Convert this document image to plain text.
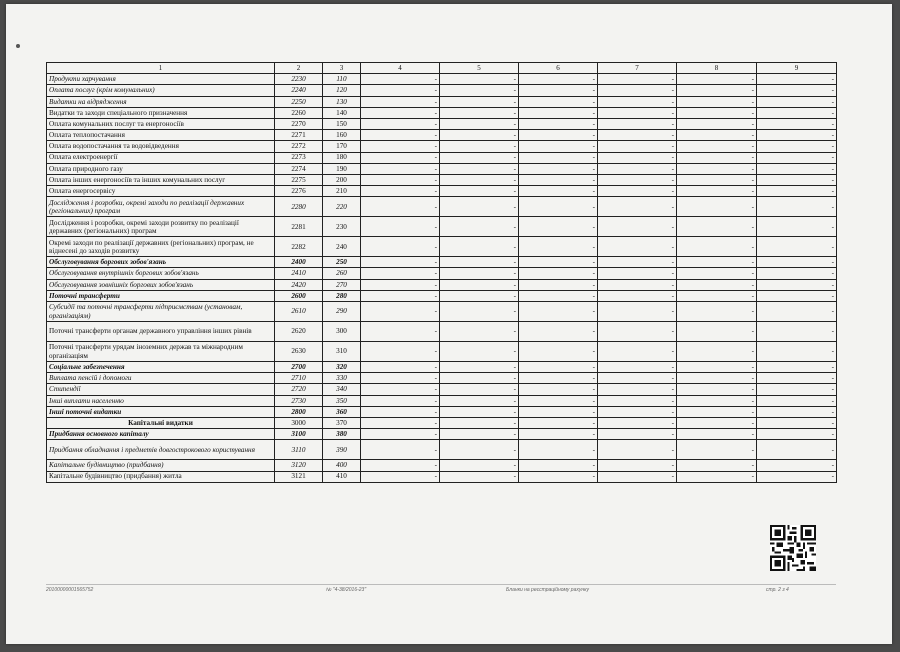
1	2	3	4	5	6	7	8	9
Продукти харчування	2230	110	-	-	-	-	-	-
Оплата послуг (крім комунальних)	2240	120	-	-	-	-	-	-
Видатки на відрядження	2250	130	-	-	-	-	-	-
Видатки та заходи спеціального призначення	2260	140	-	-	-	-	-	-
Оплата комунальних послуг та енергоносіїв	2270	150	-	-	-	-	-	-
Оплата теплопостачання	2271	160	-	-	-	-	-	-
Оплата водопостачання та водовідведення	2272	170	-	-	-	-	-	-
Оплата електроенергії	2273	180	-	-	-	-	-	-
Оплата природного газу	2274	190	-	-	-	-	-	-
Оплата інших енергоносіїв та інших комунальних послуг	2275	200	-	-	-	-	-	-
Оплата енергосервісу	2276	210	-	-	-	-	-	-
Дослідження і розробки, окремі заходи по реалізації державних (регіональних) програм	2280	220	-	-	-	-	-	-
Дослідження і розробки, окремі заходи розвитку по реалізації державних (регіональних) програм	2281	230	-	-	-	-	-	-
Окремі заходи по реалізації державних (регіональних) програм, не віднесені до заходів розвитку	2282	240	-	-	-	-	-	-
Обслуговування боргових зобов'язань	2400	250	-	-	-	-	-	-
Обслуговування внутрішніх боргових зобов'язань	2410	260	-	-	-	-	-	-
Обслуговування зовнішніх боргових зобов'язань	2420	270	-	-	-	-	-	-
Поточні трансферти	2600	280	-	-	-	-	-	-
Субсидії та поточні трансферти підприємствам (установам, організаціям)	2610	290	-	-	-	-	-	-
Поточні трансферти органам державного управління інших рівнів	2620	300	-	-	-	-	-	-
Поточні трансферти урядам іноземних держав та міжнародним організаціям	2630	310	-	-	-	-	-	-
Соціальне забезпечення	2700	320	-	-	-	-	-	-
Виплата пенсій і допомоги	2710	330	-	-	-	-	-	-
Стипендії	2720	340	-	-	-	-	-	-
Інші виплати населенню	2730	350	-	-	-	-	-	-
Інші поточні видатки	2800	360	-	-	-	-	-	-
Капітальні видатки	3000	370	-	-	-	-	-	-
Придбання основного капіталу	3100	380	-	-	-	-	-	-
Придбання обладнання і предметів довгострокового користування	3110	390	-	-	-	-	-	-
Капітальне будівництво (придбання)	3120	400	-	-	-	-	-	-
Капітальне будівництво (придбання) житла	3121	410	-	-	-	-	-	-
20100000001565752	№ "4-38/2016-23"	Бланки на реєстраційному рахунку	стр. 2 з 4
